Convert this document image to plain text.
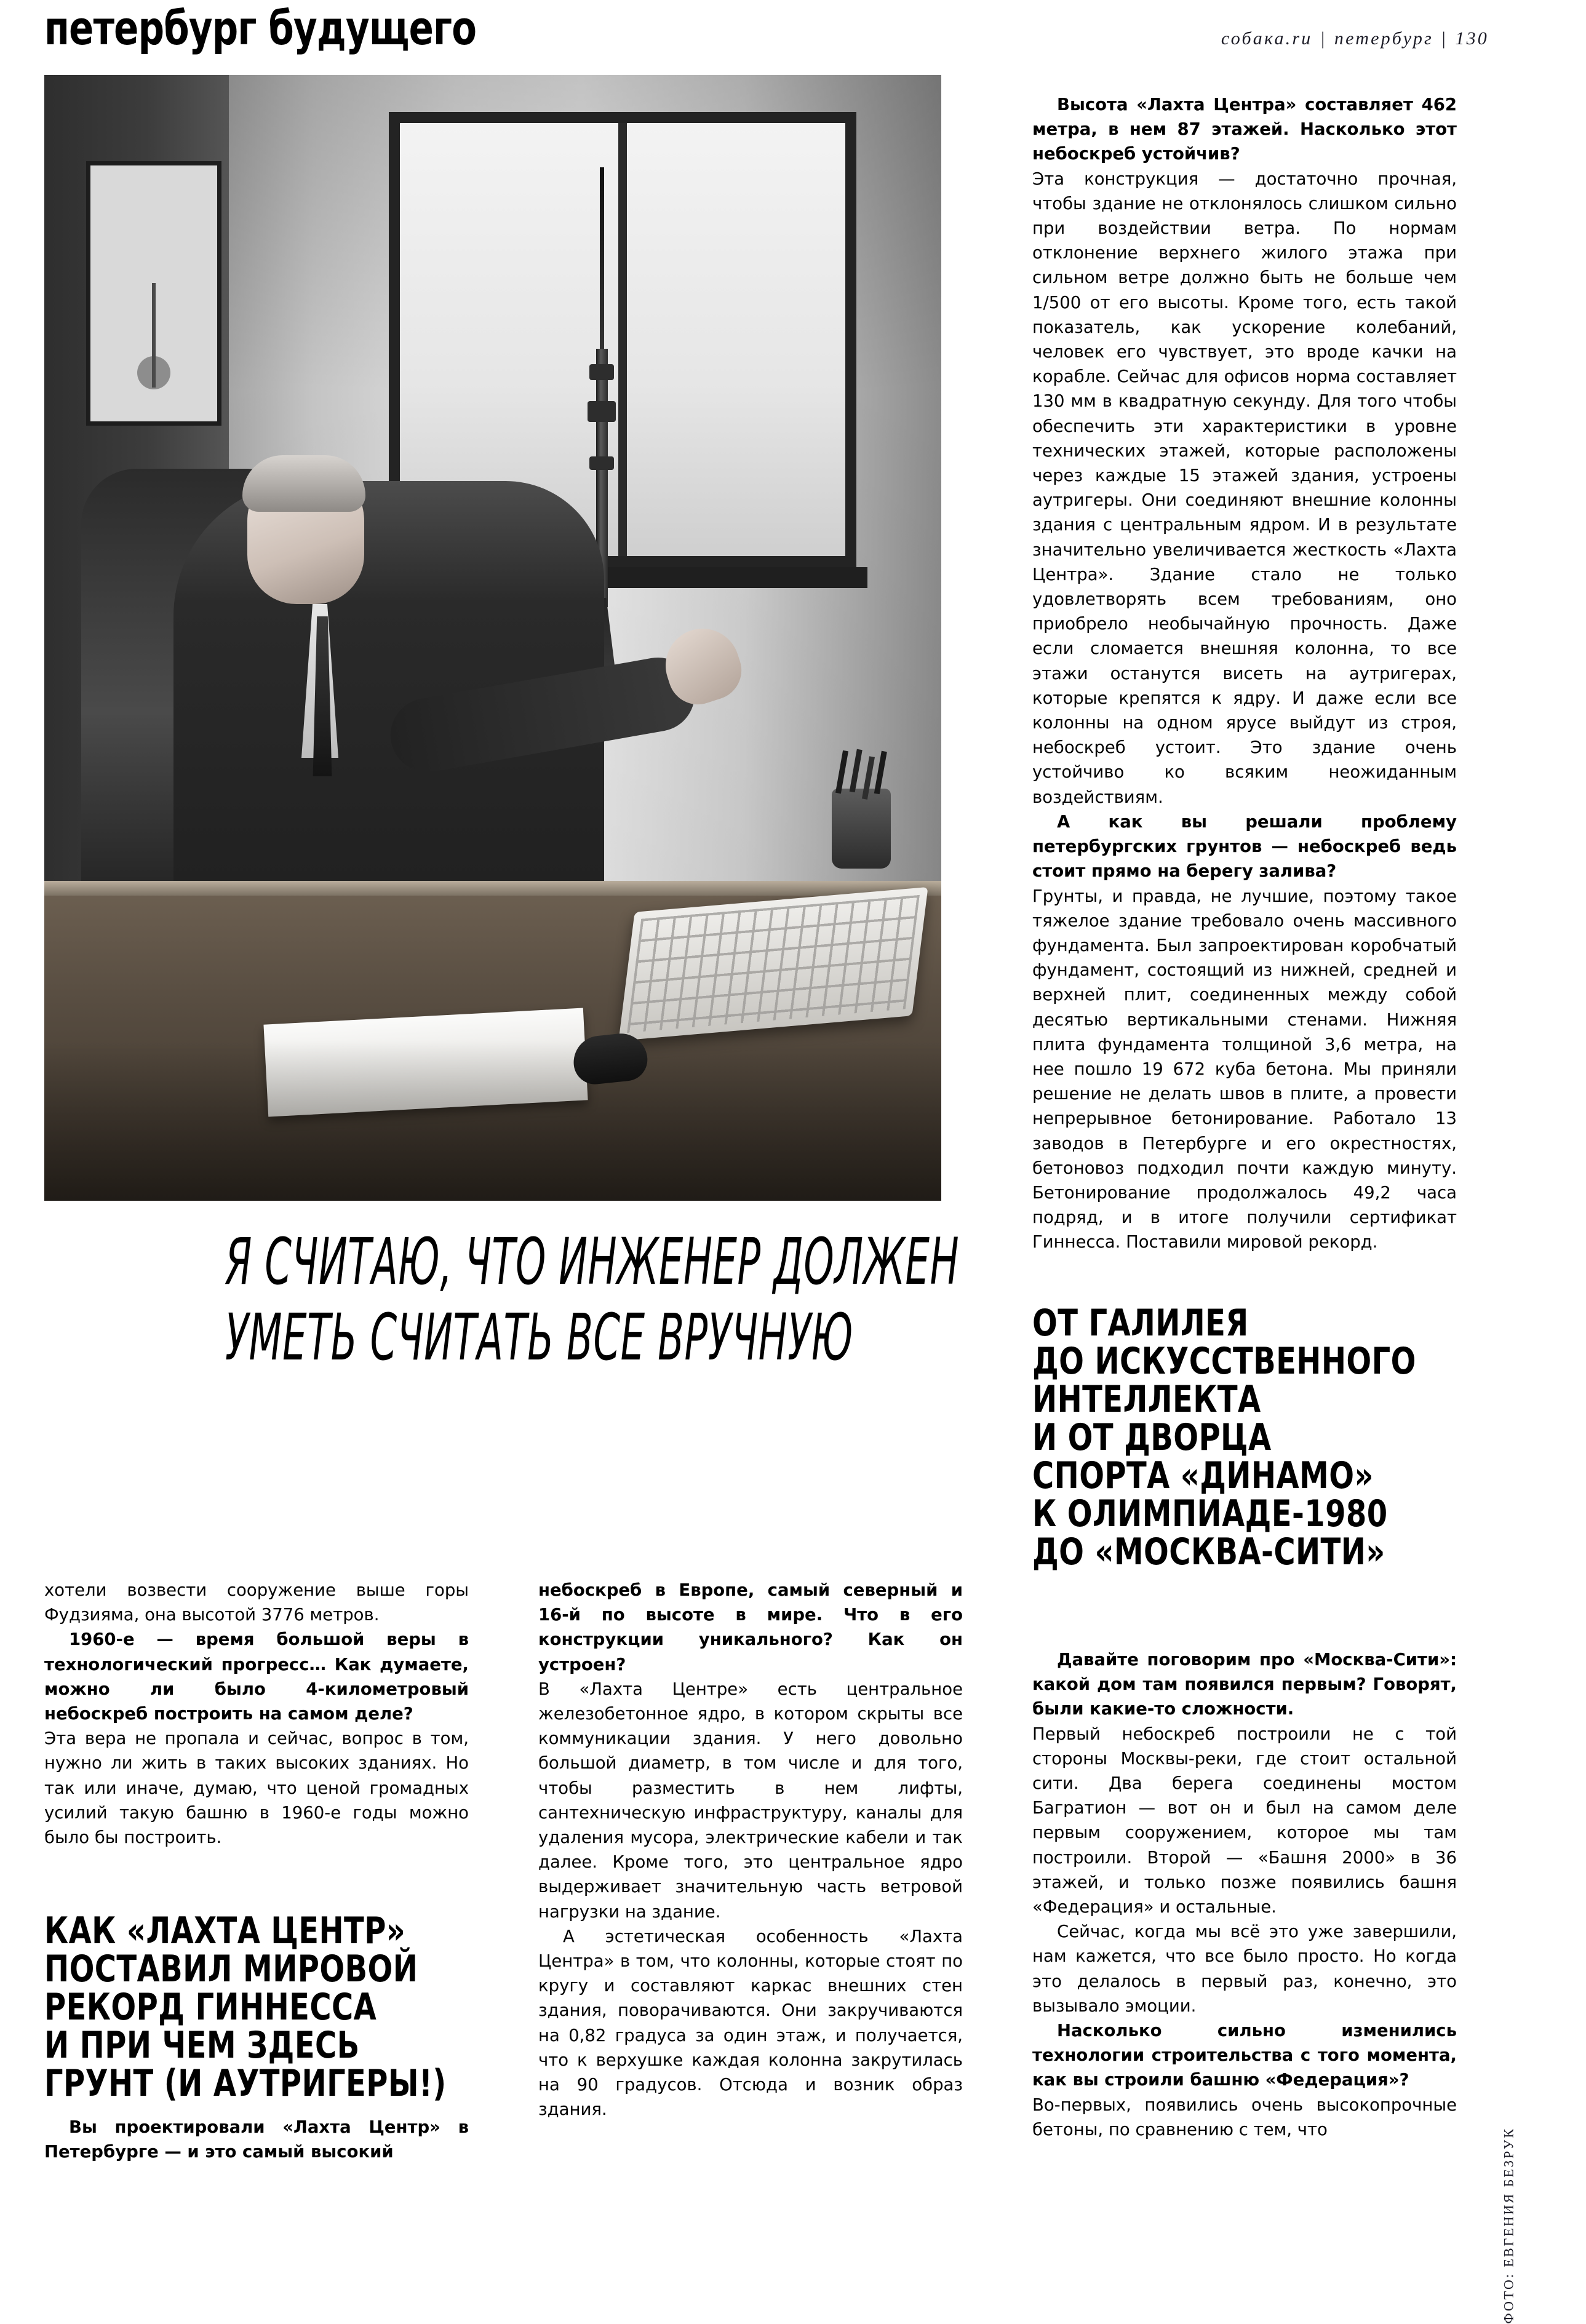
петербург будущего	собака.ru | петербург | 130
Я СЧИТАЮ, ЧТО ИНЖЕНЕР ДОЛЖЕН
УМЕТЬ СЧИТАТЬ ВСЕ ВРУЧНУЮ

Высота «Лахта Центра» составляет 462 метра, в нем 87 этажей. Насколько этот небоскреб устойчив?

Эта конструкция — достаточно прочная, чтобы здание не отклонялось слишком сильно при воздействии ветра. По нормам отклонение верхнего жилого этажа при сильном ветре должно быть не больше чем 1/500 от его высоты. Кроме того, есть такой показатель, как ускорение колебаний, человек его чувствует, это вроде качки на корабле. Сейчас для офисов норма составляет 130 мм в квадратную секунду. Для того чтобы обеспечить эти характеристики в уровне технических этажей, которые расположены через каждые 15 этажей здания, устроены аутригеры. Они соединяют внешние колонны здания с центральным ядром. И в результате значительно увеличивается жесткость «Лахта Центра». Здание стало не только удовлетворять всем требованиям, оно приобрело необычайную прочность. Даже если сломается внешняя колонна, то все этажи останутся висеть на аутригерах, которые крепятся к ядру. И даже если все колонны на одном ярусе выйдут из строя, небоскреб устоит. Это здание очень устойчиво ко всяким неожиданным воздействиям.

А как вы решали проблему петербургских грунтов — небоскреб ведь стоит прямо на берегу залива?

Грунты, и правда, не лучшие, поэтому такое тяжелое здание требовало очень массивного фундамента. Был запроектирован коробчатый фундамент, состоящий из нижней, средней и верхней плит, соединенных между собой десятью вертикальными стенами. Нижняя плита фундамента толщиной 3,6 метра, на нее пошло 19 672 куба бетона. Мы приняли решение не делать швов в плите, а провести непрерывное бетонирование. Работало 13 заводов в Петербурге и его окрестностях, бетоновоз подходил почти каждую минуту. Бетонирование продолжалось 49,2 часа подряд, и в итоге получили сертификат Гиннесса. Поставили мировой рекорд.

ОТ ГАЛИЛЕЯ
ДО ИСКУССТВЕННОГО
ИНТЕЛЛЕКТА
И ОТ ДВОРЦА
СПОРТА «ДИНАМО»
К ОЛИМПИАДЕ-1980
ДО «МОСКВА-СИТИ»

Давайте поговорим про «Москва-Сити»: какой дом там появился первым? Говорят, были какие-то сложности.

Первый небоскреб построили не с той стороны Москвы-реки, где стоит остальной сити. Два берега соединены мостом Багратион — вот он и был на самом деле первым сооружением, которое мы там построили. Второй — «Башня 2000» в 36 этажей, и только позже появились башня «Федерация» и остальные.

Сейчас, когда мы всё это уже завершили, нам кажется, что все было просто. Но когда это делалось в первый раз, конечно, это вызывало эмоции.

Насколько сильно изменились технологии строительства с того момента, как вы строили башню «Федерация»?

Во-первых, появились очень высокопрочные бетоны, по сравнению с тем, что

хотели возвести сооружение выше горы Фудзияма, она высотой 3776 метров.

1960-е — время большой веры в технологический прогресс… Как думаете, можно ли было 4-километровый небоскреб построить на самом деле?

Эта вера не пропала и сейчас, вопрос в том, нужно ли жить в таких высоких зданиях. Но так или иначе, думаю, что ценой громадных усилий такую башню в 1960-е годы можно было бы построить.

КАК «ЛАХТА ЦЕНТР»
ПОСТАВИЛ МИРОВОЙ
РЕКОРД ГИННЕССА
И ПРИ ЧЕМ ЗДЕСЬ
ГРУНТ (И АУТРИГЕРЫ!)

Вы проектировали «Лахта Центр» в Петербурге — и это самый высокий

небоскреб в Европе, самый северный и 16-й по высоте в мире. Что в его конструкции уникального? Как он устроен?

В «Лахта Центре» есть центральное железобетонное ядро, в котором скрыты все коммуникации здания. У него довольно большой диаметр, в том числе и для того, чтобы разместить в нем лифты, сантехническую инфраструктуру, каналы для удаления мусора, электрические кабели и так далее. Кроме того, это центральное ядро выдерживает значительную часть ветровой нагрузки на здание.

А эстетическая особенность «Лахта Центра» в том, что колонны, которые стоят по кругу и составляют каркас внешних стен здания, поворачиваются. Они закручиваются на 0,82 градуса за один этаж, и получается, что к верхушке каждая колонна закрутилась на 90 градусов. Отсюда и возник образ здания.

ФОТО: ЕВГЕНИЯ БЕЗРУК
